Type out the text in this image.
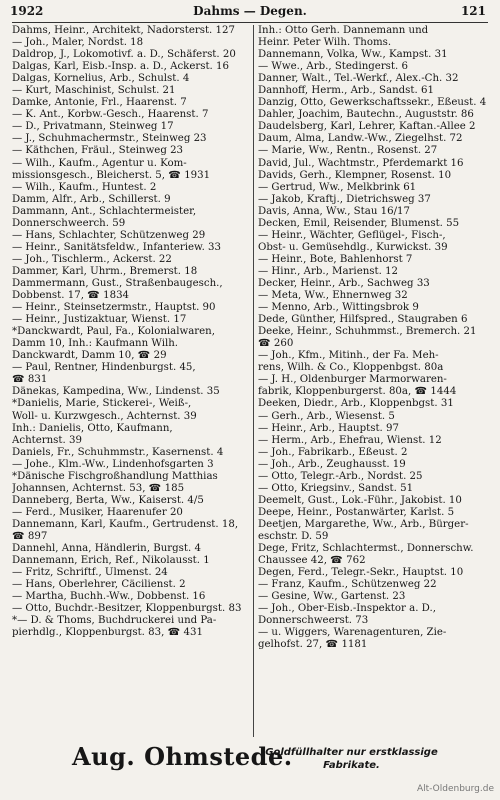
1922	Dahms — Degen.	121
Dahms, Heinr., Architekt, Nadorsterst. 127
— Joh., Maler, Nordst. 18
Daldrop, J., Lokomotivf. a. D., Schäferst. 20
Dalgas, Karl, Eisb.-Insp. a. D., Ackerst. 16
Dalgas, Kornelius, Arb., Schulst. 4
— Kurt, Maschinist, Schulst. 21
Damke, Antonie, Frl., Haarenst. 7
— K. Ant., Korbw.-Gesch., Haarenst. 7
— D., Privatmann, Steinweg 17
— J., Schuhmachermstr., Steinweg 23
— Käthchen, Fräul., Steinweg 23
— Wilh., Kaufm., Agentur u. Kom-
missionsgesch., Bleicherst. 5, ☎ 1931
— Wilh., Kaufm., Huntest. 2
Damm, Alfr., Arb., Schillerst. 9
Dammann, Ant., Schlachtermeister,
Donnerschweerch. 59
— Hans, Schlachter, Schützenweg 29
— Heinr., Sanitätsfeldw., Infanteriew. 33
— Joh., Tischlerm., Ackerst. 22
Dammer, Karl, Uhrm., Bremerst. 18
Dammermann, Gust., Straßenbaugesch.,
Dobbenst. 17, ☎ 1834
— Heinr., Steinsetzermstr., Hauptst. 90
— Heinr., Justizaktuar, Wienst. 17
*Danckwardt, Paul, Fa., Kolonialwaren,
Damm 10, Inh.: Kaufmann Wilh.
Danckwardt, Damm 10, ☎ 29
— Paul, Rentner, Hindenburgst. 45,
☎ 831
Dänekas, Kampedina, Ww., Lindenst. 35
*Danielis, Marie, Stickerei-, Weiß-,
Woll- u. Kurzwgesch., Achternst. 39
Inh.: Danielis, Otto, Kaufmann,
Achternst. 39
Daniels, Fr., Schuhmmstr., Kasernenst. 4
— Johe., Klm.-Ww., Lindenhofsgarten 3
*Dänische Fischgroßhandlung Matthias
Johannsen, Achternst. 53, ☎ 185
Danneberg, Berta, Ww., Kaiserst. 4/5
— Ferd., Musiker, Haarenufer 20
Dannemann, Karl, Kaufm., Gertrudenst. 18,
☎ 897
Dannehl, Anna, Händlerin, Burgst. 4
Dannemann, Erich, Ref., Nikolausst. 1
— Fritz, Schriftf., Ulmenst. 24
— Hans, Oberlehrer, Cäcilienst. 2
— Martha, Buchh.-Ww., Dobbenst. 16
— Otto, Buchdr.-Besitzer, Kloppenburgst. 83
*— D. & Thoms, Buchdruckerei und Pa-
pierhdlg., Kloppenburgst. 83, ☎ 431
Inh.: Otto Gerh. Dannemann und
Heinr. Peter Wilh. Thoms.
Dannemann, Volka, Ww., Kampst. 31
— Wwe., Arb., Stedingerst. 6
Danner, Walt., Tel.-Werkf., Alex.-Ch. 32
Dannhoff, Herm., Arb., Sandst. 61
Danzig, Otto, Gewerkschaftssekr., Eßeust. 4
Dahler, Joachim, Bautechn., Auguststr. 86
Daudelsberg, Karl, Lehrer, Kaftan.-Allee 2
Daum, Alma, Landw.-Ww., Ziegelhst. 72
— Marie, Ww., Rentn., Rosenst. 27
David, Jul., Wachtmstr., Pferdemarkt 16
Davids, Gerh., Klempner, Rosenst. 10
— Gertrud, Ww., Melkbrink 61
— Jakob, Kraftj., Dietrichsweg 37
Davis, Anna, Ww., Stau 16/17
Decken, Emil, Reisender, Blumenst. 55
— Heinr., Wächter, Geflügel-, Fisch-,
Obst- u. Gemüsehdlg., Kurwickst. 39
— Heinr., Bote, Bahlenhorst 7
— Hinr., Arb., Marienst. 12
Decker, Heinr., Arb., Sachweg 33
— Meta, Ww., Ehnernweg 32
— Menno, Arb., Wittingsbrok 9
Dede, Günther, Hilfspred., Staugraben 6
Deeke, Heinr., Schuhmmst., Bremerch. 21
☎ 260
— Joh., Kfm., Mitinh., der Fa. Meh-
rens, Wilh. & Co., Kloppenbgst. 80a
— J. H., Oldenburger Marmorwaren-
fabrik, Kloppenburgerst. 80a, ☎ 1444
Deeken, Diedr., Arb., Kloppenbgst. 31
— Gerh., Arb., Wiesenst. 5
— Heinr., Arb., Hauptst. 97
— Herm., Arb., Ehefrau, Wienst. 12
— Joh., Fabrikarb., Eßeust. 2
— Joh., Arb., Zeughausst. 19
— Otto, Telegr.-Arb., Nordst. 25
— Otto, Kriegsinv., Sandst. 51
Deemelt, Gust., Lok.-Führ., Jakobist. 10
Deepe, Heinr., Postanwärter, Karlst. 5
Deetjen, Margarethe, Ww., Arb., Bürger-
eschstr. D. 59
Dege, Fritz, Schlachtermst., Donnerschw.
Chaussee 42, ☎ 762
Degen, Ferd., Telegr.-Sekr., Hauptst. 10
— Franz, Kaufm., Schützenweg 22
— Gesine, Ww., Gartenst. 23
— Joh., Ober-Eisb.-Inspektor a. D.,
Donnerschweerst. 73
— u. Wiggers, Warenagenturen, Zie-
gelhofst. 27, ☎ 1181
Aug. Ohmstede.
Goldfüllhalter nur erstklassige
Fabrikate.
Alt-Oldenburg.de
